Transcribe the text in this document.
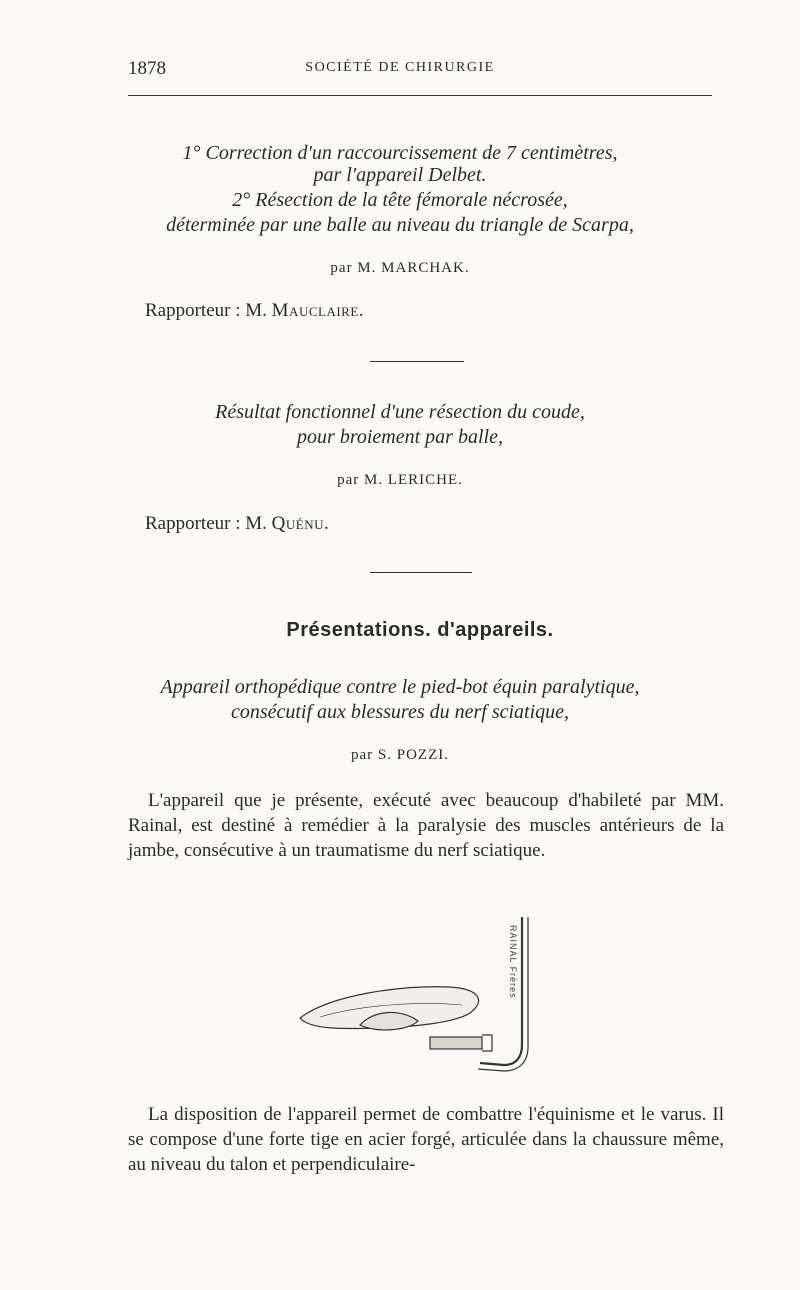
1878	SOCIÉTÉ DE CHIRURGIE
1° Correction d'un raccourcissement de 7 centimètres,
par l'appareil Delbet.
2° Résection de la tête fémorale nécrosée,
déterminée par une balle au niveau du triangle de Scarpa,
par M. MARCHAK.
Rapporteur : M. Mauclaire.
Résultat fonctionnel d'une résection du coude,
pour broiement par balle,
par M. LERICHE.
Rapporteur : M. Quénu.
Présentations. d'appareils.
Appareil orthopédique contre le pied-bot équin paralytique,
consécutif aux blessures du nerf sciatique,
par S. POZZI.
L'appareil que je présente, exécuté avec beaucoup d'habileté par MM. Rainal, est destiné à remédier à la paralysie des muscles antérieurs de la jambe, consécutive à un traumatisme du nerf sciatique.
RAINAL Frères
La disposition de l'appareil permet de combattre l'équinisme et le varus. Il se compose d'une forte tige en acier forgé, articulée dans la chaussure même, au niveau du talon et perpendiculaire-
